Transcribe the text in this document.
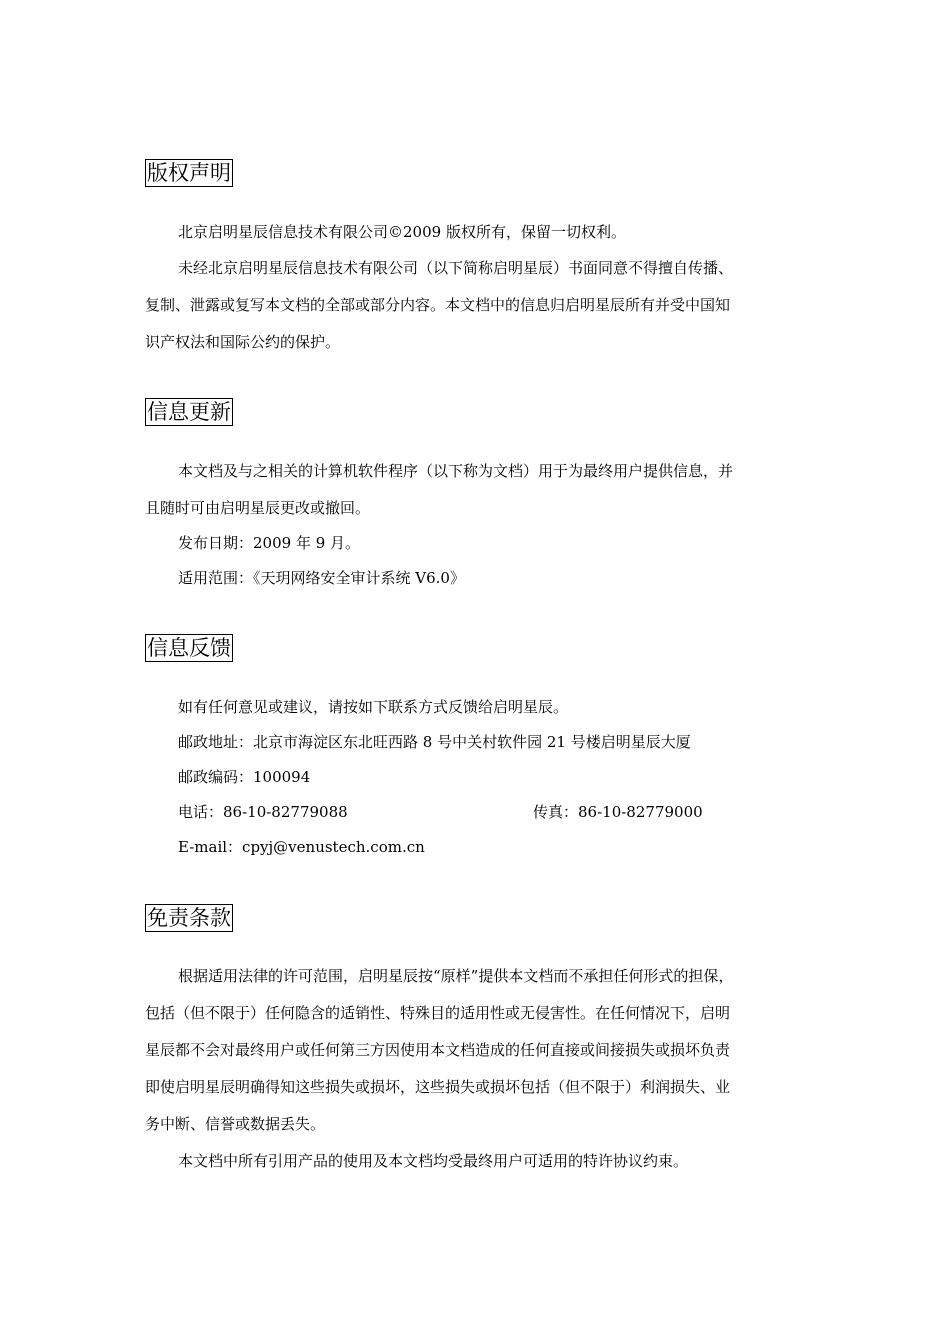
版权声明
北京启明星辰信息技术有限公司©2009 版权所有，保留一切权利。
未经北京启明星辰信息技术有限公司（以下简称启明星辰）书面同意不得擅自传播、
复制、泄露或复写本文档的全部或部分内容。本文档中的信息归启明星辰所有并受中国知
识产权法和国际公约的保护。
信息更新
本文档及与之相关的计算机软件程序（以下称为文档）用于为最终用户提供信息，并
且随时可由启明星辰更改或撤回。
发布日期：2009 年 9 月。
适用范围：《天玥网络安全审计系统 V6.0》
信息反馈
如有任何意见或建议，请按如下联系方式反馈给启明星辰。
邮政地址：北京市海淀区东北旺西路 8 号中关村软件园 21 号楼启明星辰大厦
邮政编码：100094
电话：86-10-82779088	传真：86-10-82779000
E-mail：cpyj@venustech.com.cn
免责条款
根据适用法律的许可范围，启明星辰按“原样”提供本文档而不承担任何形式的担保，
包括（但不限于）任何隐含的适销性、特殊目的适用性或无侵害性。在任何情况下，启明
星辰都不会对最终用户或任何第三方因使用本文档造成的任何直接或间接损失或损坏负责
即使启明星辰明确得知这些损失或损坏，这些损失或损坏包括（但不限于）利润损失、业
务中断、信誉或数据丢失。
本文档中所有引用产品的使用及本文档均受最终用户可适用的特许协议约束。
